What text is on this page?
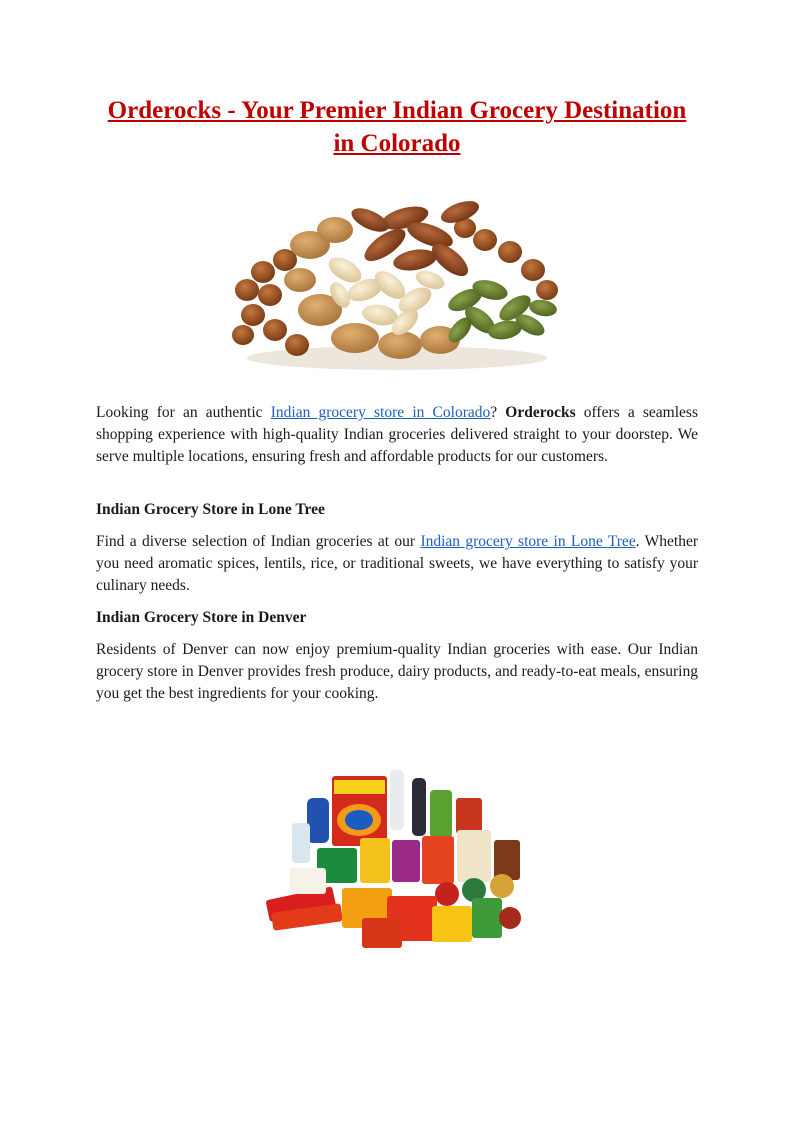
Orderocks - Your Premier Indian Grocery Destination
in Colorado

Looking for an authentic Indian grocery store in Colorado? Orderocks offers a seamless shopping experience with high-quality Indian groceries delivered straight to your doorstep. We serve multiple locations, ensuring fresh and affordable products for our customers.

Indian Grocery Store in Lone Tree

Find a diverse selection of Indian groceries at our Indian grocery store in Lone Tree. Whether you need aromatic spices, lentils, rice, or traditional sweets, we have everything to satisfy your culinary needs.

Indian Grocery Store in Denver

Residents of Denver can now enjoy premium-quality Indian groceries with ease. Our Indian grocery store in Denver provides fresh produce, dairy products, and ready-to-eat meals, ensuring you get the best ingredients for your cooking.
